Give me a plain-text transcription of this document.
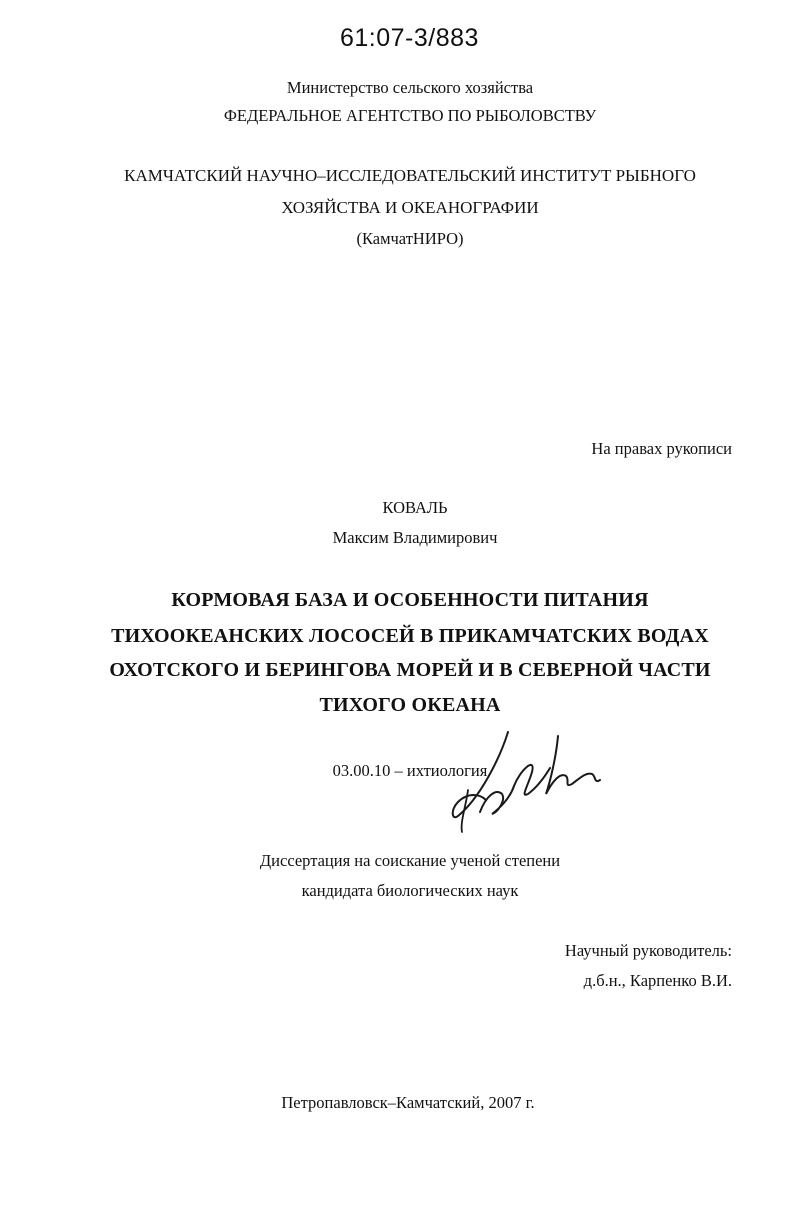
61:07-3/883
Министерство сельского хозяйства
ФЕДЕРАЛЬНОЕ АГЕНТСТВО ПО РЫБОЛОВСТВУ
КАМЧАТСКИЙ НАУЧНО–ИССЛЕДОВАТЕЛЬСКИЙ ИНСТИТУТ РЫБНОГО
ХОЗЯЙСТВА И ОКЕАНОГРАФИИ
(КамчатНИРО)
На правах рукописи
КОВАЛЬ
Максим Владимирович
КОРМОВАЯ БАЗА И ОСОБЕННОСТИ ПИТАНИЯ
ТИХООКЕАНСКИХ ЛОСОСЕЙ В ПРИКАМЧАТСКИХ ВОДАХ
ОХОТСКОГО И БЕРИНГОВА МОРЕЙ И В СЕВЕРНОЙ ЧАСТИ
ТИХОГО ОКЕАНА
03.00.10 – ихтиология
Диссертация на соискание ученой степени
кандидата биологических наук
Научный руководитель:
д.б.н., Карпенко В.И.
Петропавловск–Камчатский, 2007 г.
